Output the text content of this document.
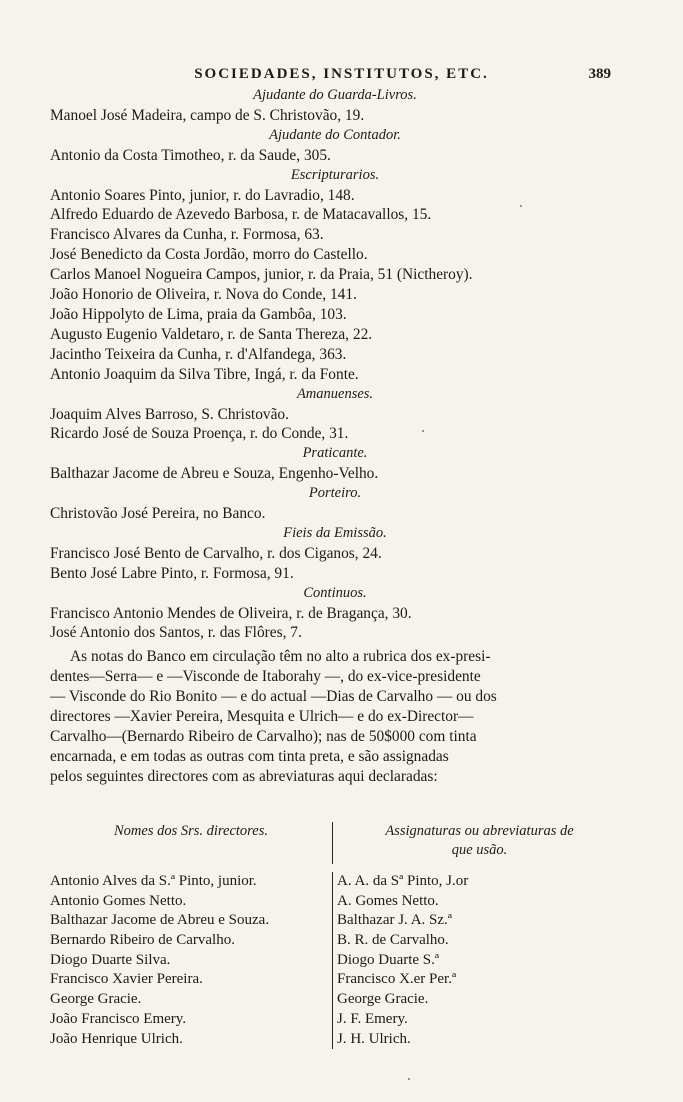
SOCIEDADES, INSTITUTOS, ETC.	389
Ajudante do Guarda-Livros.
Manoel José Madeira, campo de S. Christovão, 19.
Ajudante do Contador.
Antonio da Costa Timotheo, r. da Saude, 305.
Escripturarios.
Antonio Soares Pinto, junior, r. do Lavradio, 148.
Alfredo Eduardo de Azevedo Barbosa, r. de Matacavallos, 15.
Francisco Alvares da Cunha, r. Formosa, 63.
José Benedicto da Costa Jordão, morro do Castello.
Carlos Manoel Nogueira Campos, junior, r. da Praia, 51 (Nictheroy).
João Honorio de Oliveira, r. Nova do Conde, 141.
João Hippolyto de Lima, praia da Gambôa, 103.
Augusto Eugenio Valdetaro, r. de Santa Thereza, 22.
Jacintho Teixeira da Cunha, r. d'Alfandega, 363.
Antonio Joaquim da Silva Tibre, Ingá, r. da Fonte.
Amanuenses.
Joaquim Alves Barroso, S. Christovão.
Ricardo José de Souza Proença, r. do Conde, 31.
Praticante.
Balthazar Jacome de Abreu e Souza, Engenho-Velho.
Porteiro.
Christovão José Pereira, no Banco.
Fieis da Emissão.
Francisco José Bento de Carvalho, r. dos Ciganos, 24.
Bento José Labre Pinto, r. Formosa, 91.
Continuos.
Francisco Antonio Mendes de Oliveira, r. de Bragança, 30.
José Antonio dos Santos, r. das Flôres, 7.
As notas do Banco em circulação têm no alto a rubrica dos ex-presi-
dentes—Serra— e —Visconde de Itaborahy —, do ex-vice-presidente
— Visconde do Rio Bonito — e do actual —Dias de Carvalho — ou dos
directores —Xavier Pereira, Mesquita e Ulrich— e do ex-Director—
Carvalho—(Bernardo Ribeiro de Carvalho); nas de 50$000 com tinta
encarnada, e em todas as outras com tinta preta, e são assignadas
pelos seguintes directores com as abreviaturas aqui declaradas:
Nomes dos Srs. directores.	Assignaturas ou abreviaturas de
que usão.
Antonio Alves da S.ª Pinto, junior.	A. A. da Sª Pinto, J.or
Antonio Gomes Netto.	A. Gomes Netto.
Balthazar Jacome de Abreu e Souza.	Balthazar J. A. Sz.ª
Bernardo Ribeiro de Carvalho.	B. R. de Carvalho.
Diogo Duarte Silva.	Diogo Duarte S.ª
Francisco Xavier Pereira.	Francisco X.er Per.ª
George Gracie.	George Gracie.
João Francisco Emery.	J. F. Emery.
João Henrique Ulrich.	J. H. Ulrich.
